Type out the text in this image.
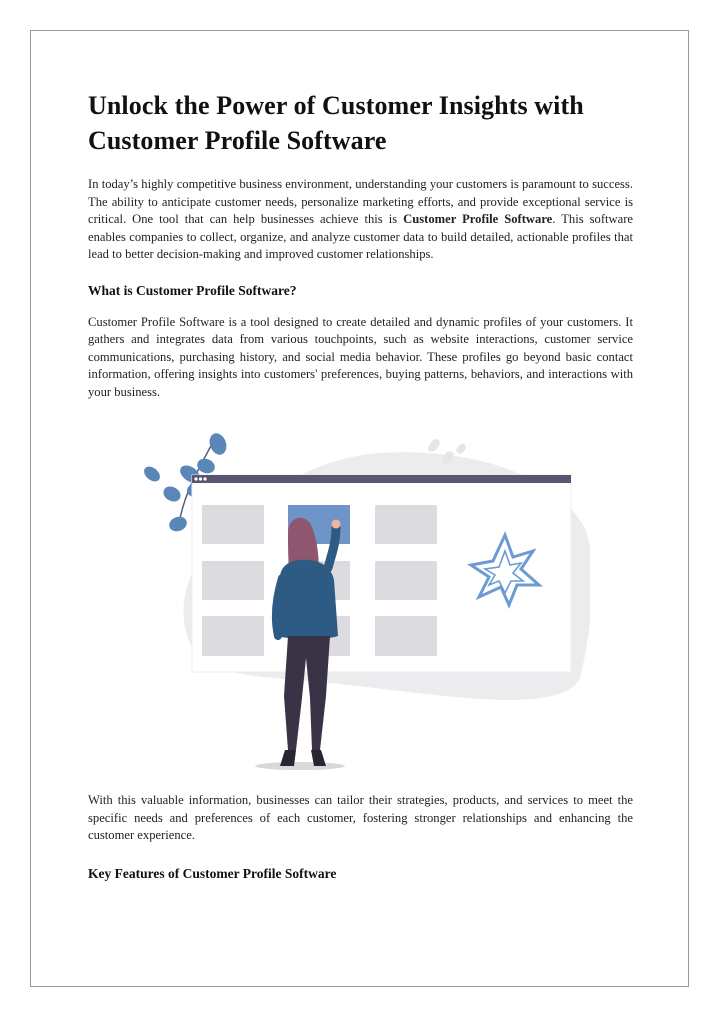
Unlock the Power of Customer Insights with Customer Profile Software

In today’s highly competitive business environment, understanding your customers is paramount to success. The ability to anticipate customer needs, personalize marketing efforts, and provide exceptional service is critical. One tool that can help businesses achieve this is Customer Profile Software. This software enables companies to collect, organize, and analyze customer data to build detailed, actionable profiles that lead to better decision-making and improved customer relationships.

What is Customer Profile Software?

Customer Profile Software is a tool designed to create detailed and dynamic profiles of your customers. It gathers and integrates data from various touchpoints, such as website interactions, customer service communications, purchasing history, and social media behavior. These profiles go beyond basic contact information, offering insights into customers' preferences, buying patterns, behaviors, and interactions with your business.

With this valuable information, businesses can tailor their strategies, products, and services to meet the specific needs and preferences of each customer, fostering stronger relationships and enhancing the customer experience.

Key Features of Customer Profile Software
